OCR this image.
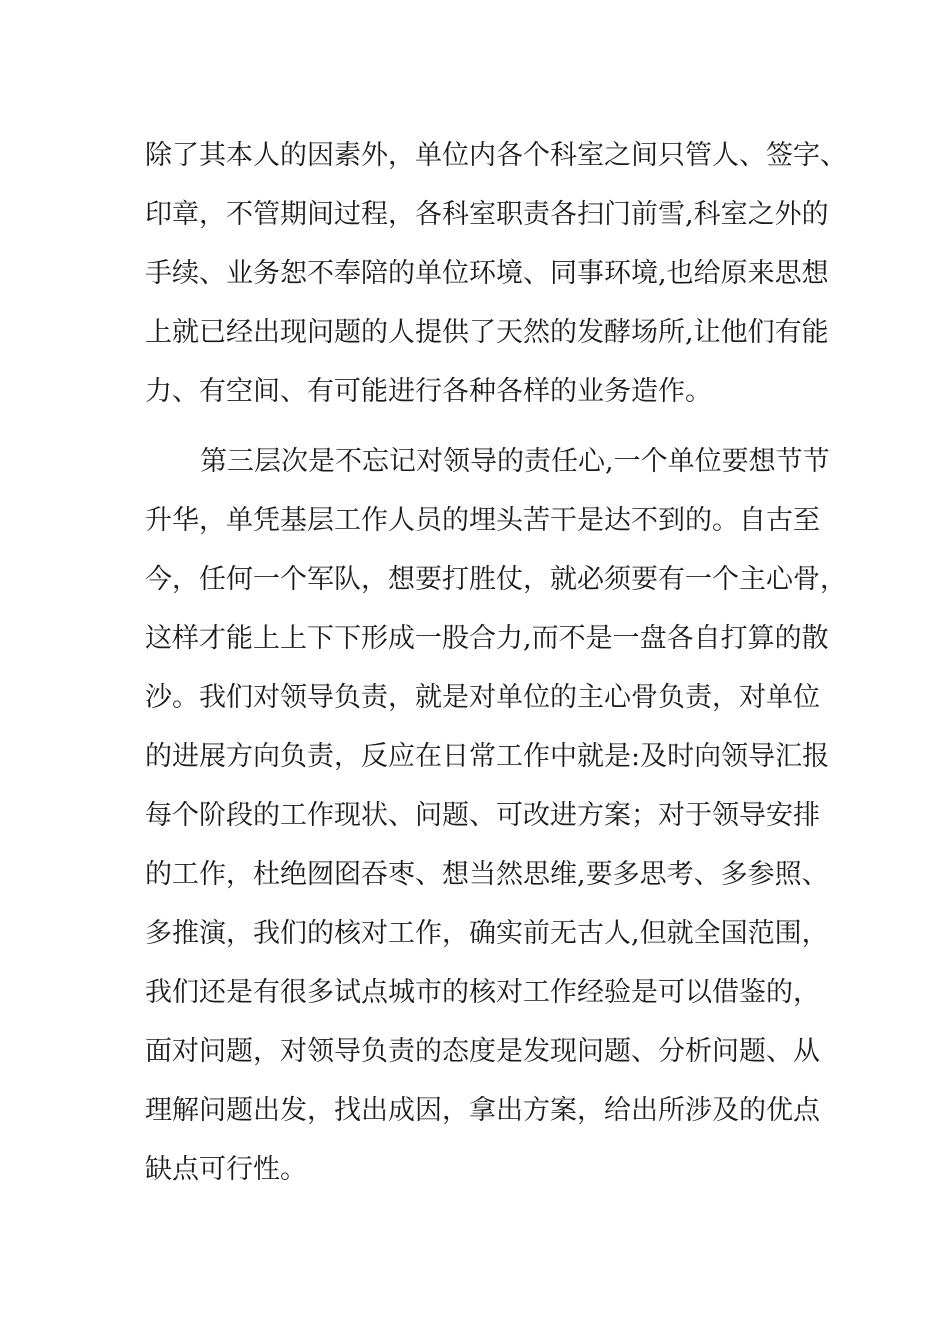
除了其本人的因素外，单位内各个科室之间只管人、签字、
印章，不管期间过程，各科室职责各扫门前雪,科室之外的
手续、业务恕不奉陪的单位环境、同事环境,也给原来思想
上就已经出现问题的人提供了天然的发酵场所,让他们有能
力、有空间、有可能进行各种各样的业务造作。
第三层次是不忘记对领导的责任心,一个单位要想节节
升华，单凭基层工作人员的埋头苦干是达不到的。自古至
今，任何一个军队，想要打胜仗，就必须要有一个主心骨，
这样才能上上下下形成一股合力,而不是一盘各自打算的散
沙。我们对领导负责，就是对单位的主心骨负责，对单位
的进展方向负责，反应在日常工作中就是:及时向领导汇报
每个阶段的工作现状、问题、可改进方案；对于领导安排
的工作，杜绝囫囵吞枣、想当然思维,要多思考、多参照、
多推演，我们的核对工作，确实前无古人,但就全国范围，
我们还是有很多试点城市的核对工作经验是可以借鉴的，
面对问题，对领导负责的态度是发现问题、分析问题、从
理解问题出发，找出成因，拿出方案，给出所涉及的优点
缺点可行性。
